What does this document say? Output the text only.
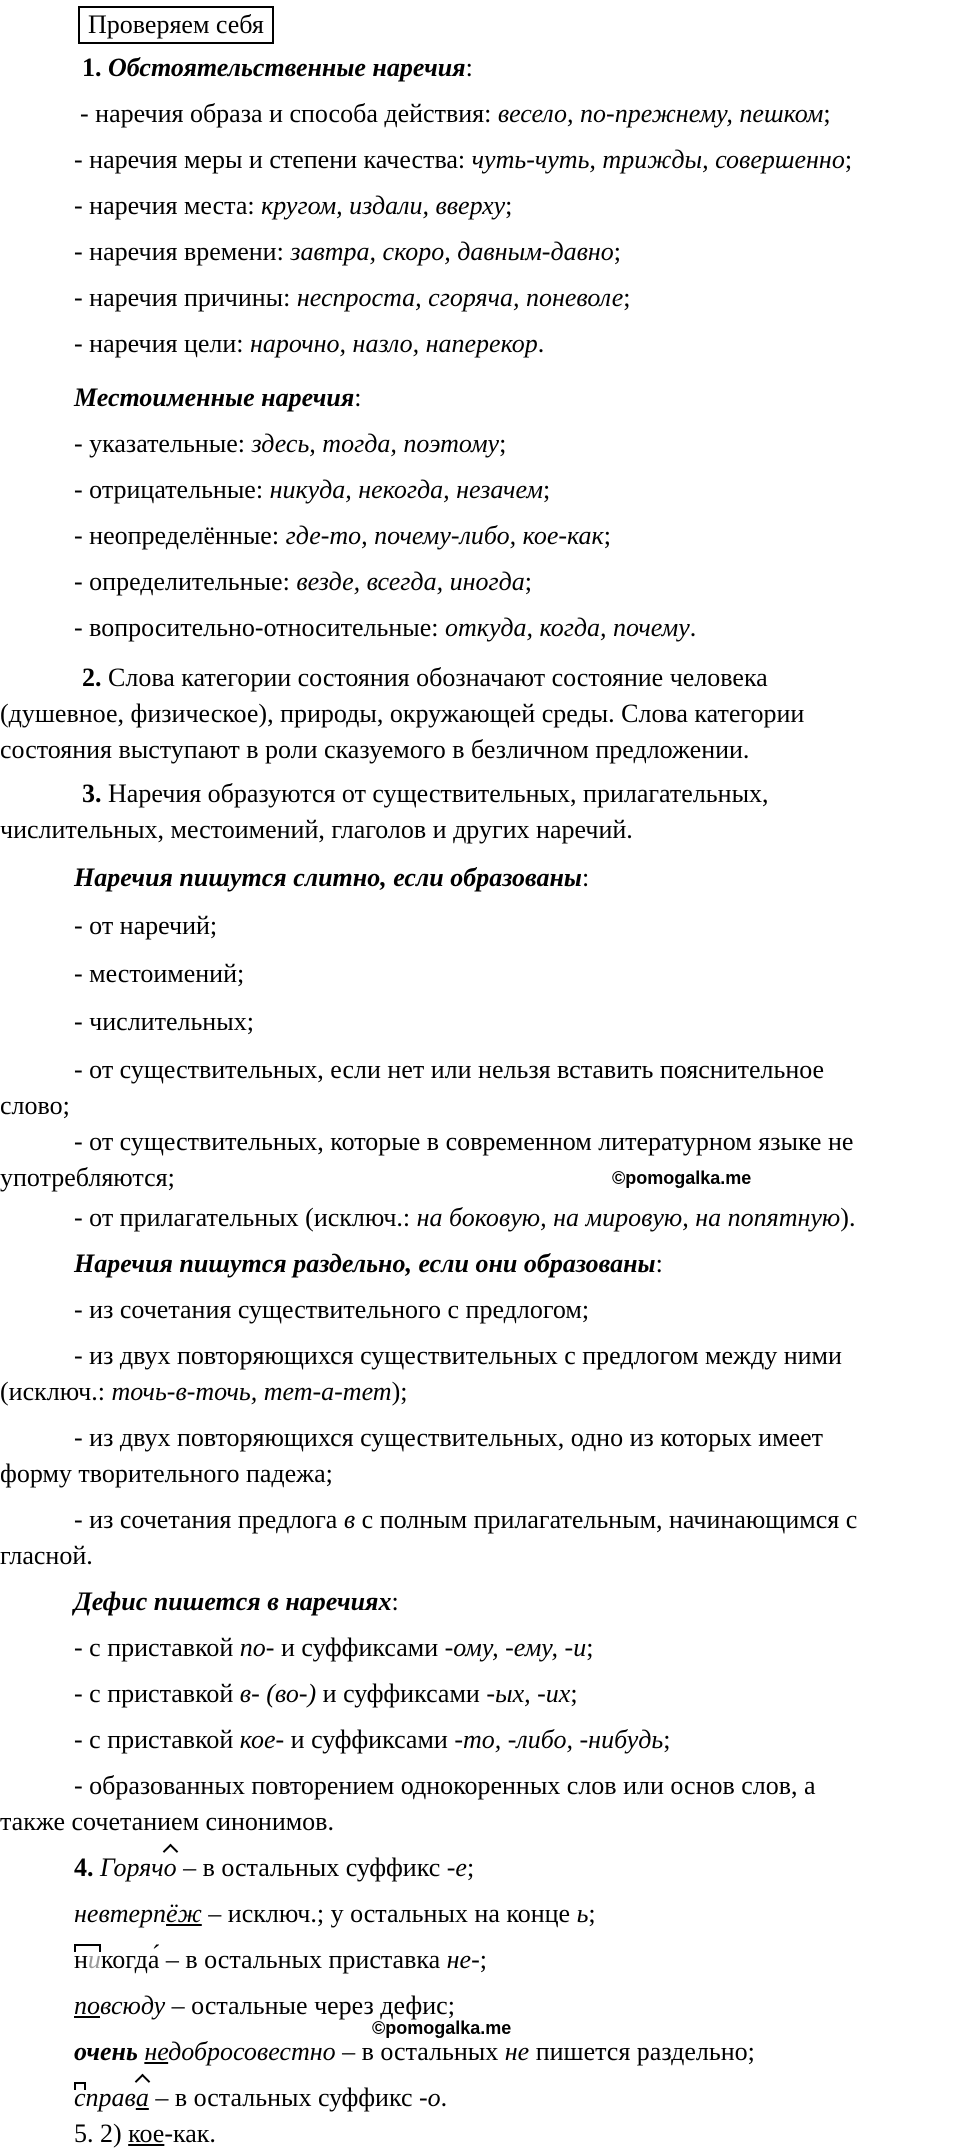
Проверяем себя
1. Обстоятельственные наречия:
- наречия образа и способа действия: весело, по-прежнему, пешком;
- наречия меры и степени качества: чуть-чуть, трижды, совершенно;
- наречия места: кругом, издали, вверху;
- наречия времени: завтра, скоро, давным-давно;
- наречия причины: неспроста, сгоряча, поневоле;
- наречия цели: нарочно, назло, наперекор.
Местоименные наречия:
- указательные: здесь, тогда, поэтому;
- отрицательные: никуда, некогда, незачем;
- неопределённые: где-то, почему-либо, кое-как;
- определительные: везде, всегда, иногда;
- вопросительно-относительные: откуда, когда, почему.
2. Слова категории состояния обозначают состояние человека
(душевное, физическое), природы, окружающей среды. Слова категории
состояния выступают в роли сказуемого в безличном предложении.
3. Наречия образуются от существительных, прилагательных,
числительных, местоимений, глаголов и других наречий.
Наречия пишутся слитно, если образованы:
- от наречий;
- местоимений;
- числительных;
- от существительных, если нет или нельзя вставить пояснительное
слово;
- от существительных, которые в современном литературном языке не
употребляются;	©pomogalka.me
- от прилагательных (исключ.: на боковую, на мировую, на попятную).
Наречия пишутся раздельно, если они образованы:
- из сочетания существительного с предлогом;
- из двух повторяющихся существительных с предлогом между ними
(исключ.: точь-в-точь, тет-а-тет);
- из двух повторяющихся существительных, одно из которых имеет
форму творительного падежа;
- из сочетания предлога в с полным прилагательным, начинающимся с
гласной.
Дефис пишется в наречиях:
- с приставкой по- и суффиксами -ому, -ему, -и;
- с приставкой в- (во-) и суффиксами -ых, -их;
- с приставкой кое- и суффиксами -то, -либо, -нибудь;
- образованных повторением однокоренных слов или основ слов, а
также сочетанием синонимов.
4. Горячо – в остальных суффикс -е;
невтерпёж – исключ.; у остальных на конце ь;
никогда́ – в остальных приставка не-;
повсюду – остальные через дефис;
©pomogalka.me
очень недобросовестно – в остальных не пишется раздельно;
справа – в остальных суффикс -о.
5. 2) кое-как.
